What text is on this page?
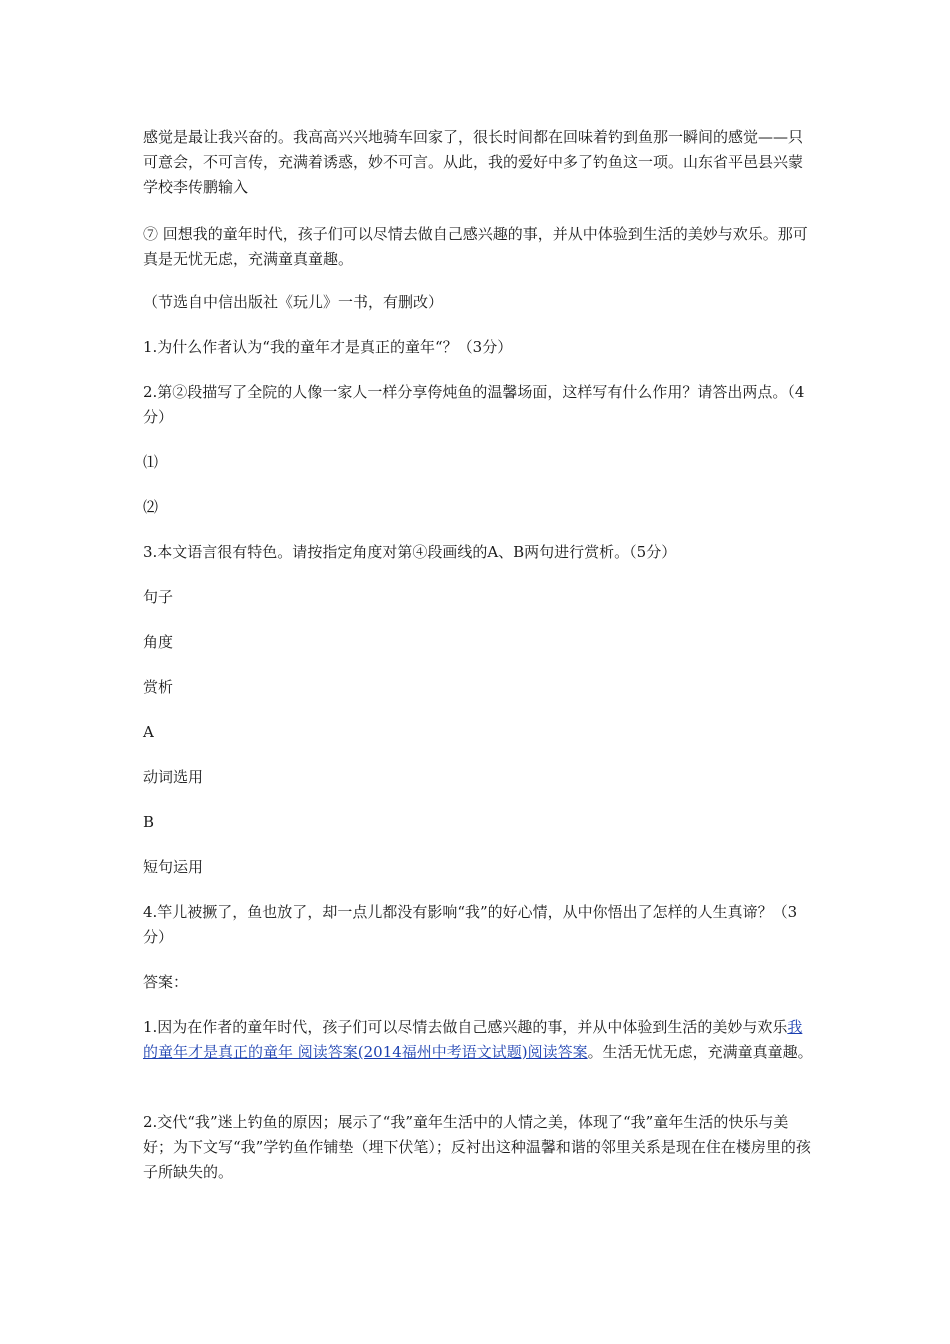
感觉是最让我兴奋的。我高高兴兴地骑车回家了，很长时间都在回味着钓到鱼那一瞬间的感觉——只可意会，不可言传，充满着诱惑，妙不可言。从此，我的爱好中多了钓鱼这一项。山东省平邑县兴蒙学校李传鹏输入

⑦ 回想我的童年时代，孩子们可以尽情去做自己感兴趣的事，并从中体验到生活的美妙与欢乐。那可真是无忧无虑，充满童真童趣。

（节选自中信出版社《玩儿》一书，有删改）

1.为什么作者认为“我的童年才是真正的童年“？（3分）

2.第②段描写了全院的人像一家人一样分享侉炖鱼的温馨场面，这样写有什么作用？请答出两点。（4分）

⑴

⑵

3.本文语言很有特色。请按指定角度对第④段画线的A、B两句进行赏析。（5分）

句子

角度

赏析

A

动词选用

B

短句运用

4.竿儿被撅了，鱼也放了，却一点儿都没有影响“我”的好心情，从中你悟出了怎样的人生真谛？（3分）

答案：

1.因为在作者的童年时代，孩子们可以尽情去做自己感兴趣的事，并从中体验到生活的美妙与欢乐我的童年才是真正的童年 阅读答案(2014福州中考语文试题)阅读答案。生活无忧无虑，充满童真童趣。

2.交代“我”迷上钓鱼的原因；展示了“我”童年生活中的人情之美，体现了“我”童年生活的快乐与美好；为下文写“我”学钓鱼作铺垫（埋下伏笔）；反衬出这种温馨和谐的邻里关系是现在住在楼房里的孩子所缺失的。
